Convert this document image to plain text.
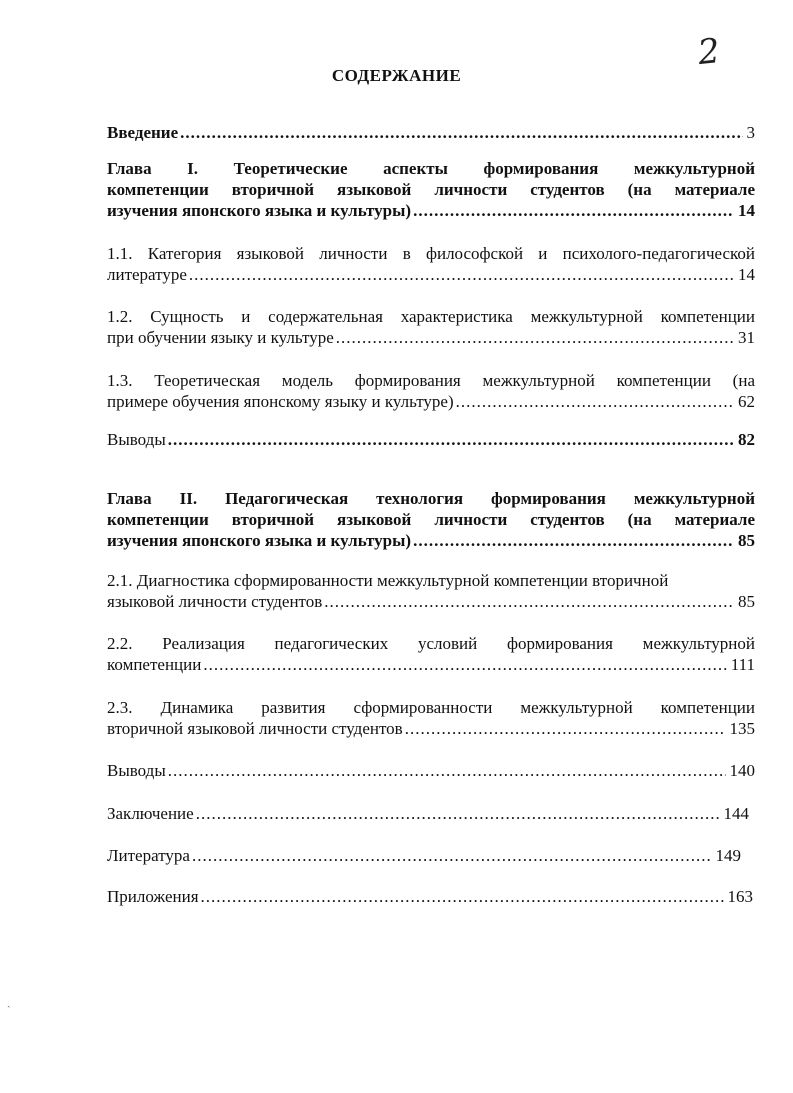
2
СОДЕРЖАНИЕ
Введение .....	3
Глава I. Теоретические аспекты формирования межкультурной
компетенции вторичной языковой личности студентов (на материале
изучения японского языка и культуры) .....	14
1.1. Категория языковой личности в философской и психолого-педагогической
литературе .....	14
1.2. Сущность и содержательная характеристика межкультурной компетенции
при обучении языку и культуре .....	31
1.3. Теоретическая модель формирования межкультурной компетенции (на
примере обучения японскому языку и культуре) .....	62
Выводы .....	82
Глава II. Педагогическая технология формирования межкультурной
компетенции вторичной языковой личности студентов (на материале
изучения японского языка и культуры) .....	85
2.1. Диагностика сформированности межкультурной компетенции вторичной
языковой личности студентов .....	85
2.2. Реализация педагогических условий формирования межкультурной
компетенции .....	111
2.3. Динамика развития сформированности межкультурной компетенции
вторичной языковой личности студентов .....	135
Выводы .....	140
Заключение .....	144
Литература .....	149
Приложения .....	163
ˎ
